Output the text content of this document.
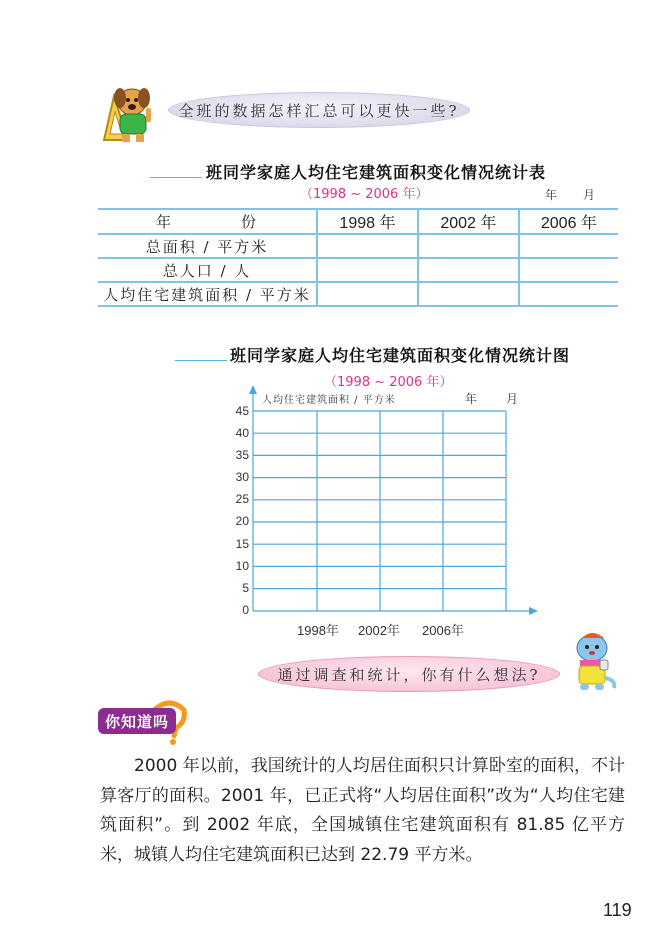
全班的数据怎样汇总可以更快一些?
班同学家庭人均住宅建筑面积变化情况统计表
（1998 ~ 2006 年）	年 月
年　　　　份	1998 年	2002 年	2006 年
总面积 / 平方米			
总人口 / 人			
人均住宅建筑面积 / 平方米			
班同学家庭人均住宅建筑面积变化情况统计图
（1998 ~ 2006 年）
人均住宅建筑面积 / 平方米	年 月
45
40
35
30
25
20
15
10
5
0
1998年 2002年 2006年
通过调查和统计，你有什么想法?
你知道吗

2000 年以前，我国统计的人均居住面积只计算卧室的面积，不计算客厅的面积。2001 年，已正式将“人均居住面积”改为“人均住宅建筑面积”。到 2002 年底，全国城镇住宅建筑面积有 81.85 亿平方米，城镇人均住宅建筑面积已达到 22.79 平方米。

119
